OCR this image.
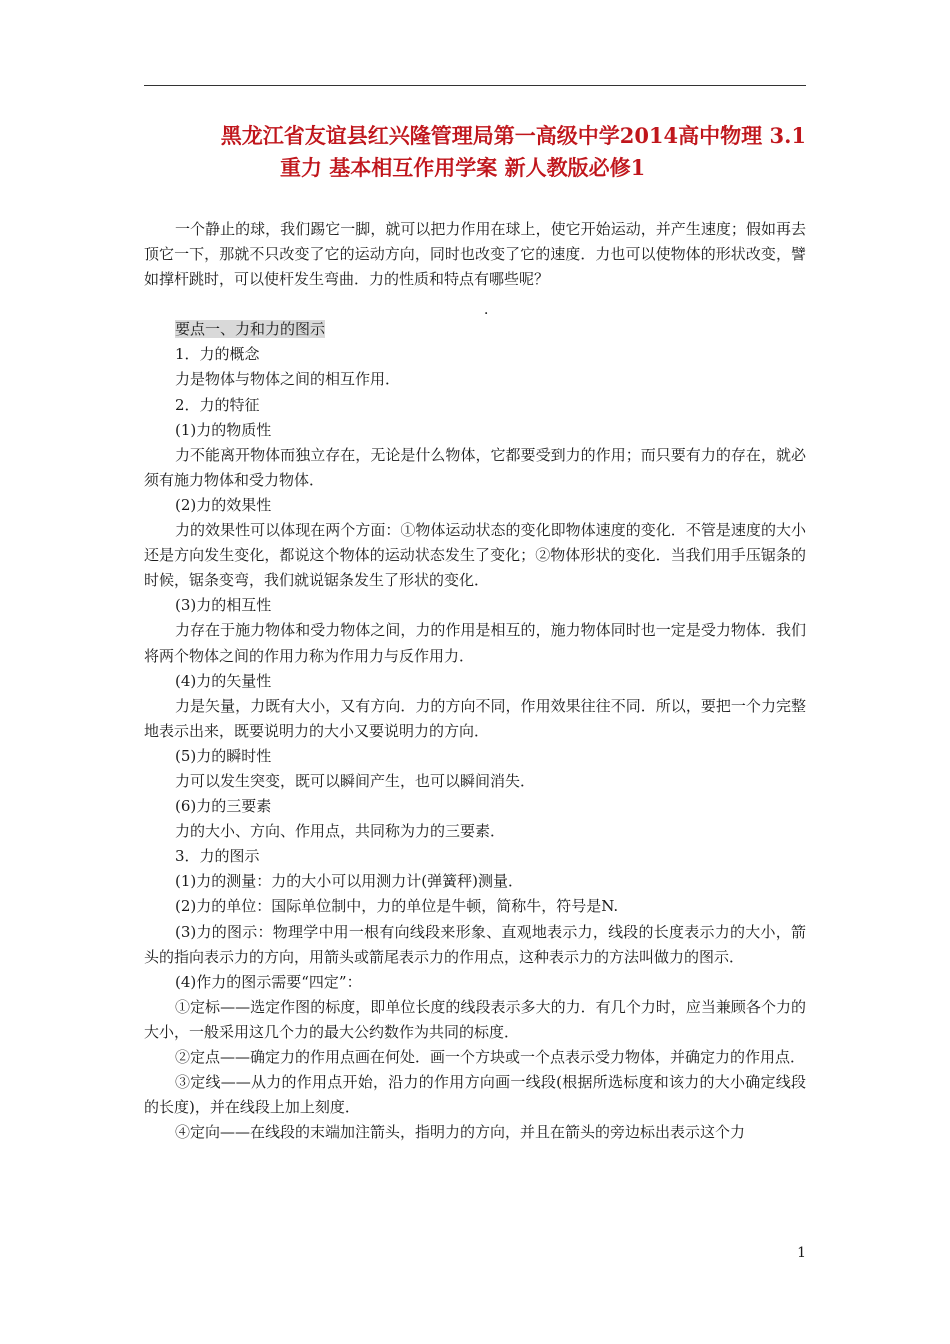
黑龙江省友谊县红兴隆管理局第一高级中学2014高中物理 3.1
重力 基本相互作用学案 新人教版必修1

一个静止的球，我们踢它一脚，就可以把力作用在球上，使它开始运动，并产生速度；假如再去顶它一下，那就不只改变了它的运动方向，同时也改变了它的速度．力也可以使物体的形状改变，譬如撑杆跳时，可以使杆发生弯曲．力的性质和特点有哪些呢？

．
要点一、力和力的图示

1．力的概念

力是物体与物体之间的相互作用．

2．力的特征

(1)力的物质性

力不能离开物体而独立存在，无论是什么物体，它都要受到力的作用；而只要有力的存在，就必须有施力物体和受力物体．

(2)力的效果性

力的效果性可以体现在两个方面：①物体运动状态的变化即物体速度的变化．不管是速度的大小还是方向发生变化，都说这个物体的运动状态发生了变化；②物体形状的变化．当我们用手压锯条的时候，锯条变弯，我们就说锯条发生了形状的变化．

(3)力的相互性

力存在于施力物体和受力物体之间，力的作用是相互的，施力物体同时也一定是受力物体．我们将两个物体之间的作用力称为作用力与反作用力．

(4)力的矢量性

力是矢量，力既有大小，又有方向．力的方向不同，作用效果往往不同．所以，要把一个力完整地表示出来，既要说明力的大小又要说明力的方向．

(5)力的瞬时性

力可以发生突变，既可以瞬间产生，也可以瞬间消失．

(6)力的三要素

力的大小、方向、作用点，共同称为力的三要素．

3．力的图示

(1)力的测量：力的大小可以用测力计(弹簧秤)测量．

(2)力的单位：国际单位制中，力的单位是牛顿，简称牛，符号是N.

(3)力的图示：物理学中用一根有向线段来形象、直观地表示力，线段的长度表示力的大小，箭头的指向表示力的方向，用箭头或箭尾表示力的作用点，这种表示力的方法叫做力的图示．

(4)作力的图示需要“四定”：

①定标——选定作图的标度，即单位长度的线段表示多大的力．有几个力时，应当兼顾各个力的大小，一般采用这几个力的最大公约数作为共同的标度．

②定点——确定力的作用点画在何处．画一个方块或一个点表示受力物体，并确定力的作用点．

③定线——从力的作用点开始，沿力的作用方向画一线段(根据所选标度和该力的大小确定线段的长度)，并在线段上加上刻度．

④定向——在线段的末端加注箭头，指明力的方向，并且在箭头的旁边标出表示这个力

1
